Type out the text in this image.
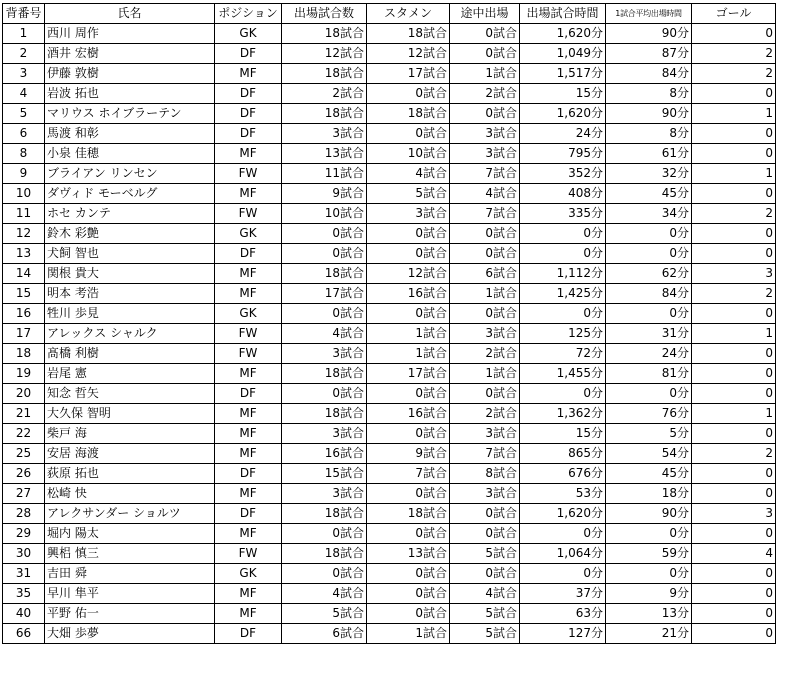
背番号	氏名	ポジション	出場試合数	スタメン	途中出場	出場試合時間	1試合平均出場時間	ゴール
1	西川 周作	GK	18試合	18試合	0試合	1,620分	90分	0
2	酒井 宏樹	DF	12試合	12試合	0試合	1,049分	87分	2
3	伊藤 敦樹	MF	18試合	17試合	1試合	1,517分	84分	2
4	岩波 拓也	DF	2試合	0試合	2試合	15分	8分	0
5	マリウス ホイブラーテン	DF	18試合	18試合	0試合	1,620分	90分	1
6	馬渡 和彰	DF	3試合	0試合	3試合	24分	8分	0
8	小泉 佳穂	MF	13試合	10試合	3試合	795分	61分	0
9	ブライアン リンセン	FW	11試合	4試合	7試合	352分	32分	1
10	ダヴィド モーベルグ	MF	9試合	5試合	4試合	408分	45分	0
11	ホセ カンテ	FW	10試合	3試合	7試合	335分	34分	2
12	鈴木 彩艶	GK	0試合	0試合	0試合	0分	0分	0
13	犬飼 智也	DF	0試合	0試合	0試合	0分	0分	0
14	関根 貴大	MF	18試合	12試合	6試合	1,112分	62分	3
15	明本 考浩	MF	17試合	16試合	1試合	1,425分	84分	2
16	牲川 歩見	GK	0試合	0試合	0試合	0分	0分	0
17	アレックス シャルク	FW	4試合	1試合	3試合	125分	31分	1
18	髙橋 利樹	FW	3試合	1試合	2試合	72分	24分	0
19	岩尾 憲	MF	18試合	17試合	1試合	1,455分	81分	0
20	知念 哲矢	DF	0試合	0試合	0試合	0分	0分	0
21	大久保 智明	MF	18試合	16試合	2試合	1,362分	76分	1
22	柴戸 海	MF	3試合	0試合	3試合	15分	5分	0
25	安居 海渡	MF	16試合	9試合	7試合	865分	54分	2
26	荻原 拓也	DF	15試合	7試合	8試合	676分	45分	0
27	松崎 快	MF	3試合	0試合	3試合	53分	18分	0
28	アレクサンダー ショルツ	DF	18試合	18試合	0試合	1,620分	90分	3
29	堀内 陽太	MF	0試合	0試合	0試合	0分	0分	0
30	興梠 慎三	FW	18試合	13試合	5試合	1,064分	59分	4
31	吉田 舜	GK	0試合	0試合	0試合	0分	0分	0
35	早川 隼平	MF	4試合	0試合	4試合	37分	9分	0
40	平野 佑一	MF	5試合	0試合	5試合	63分	13分	0
66	大畑 歩夢	DF	6試合	1試合	5試合	127分	21分	0
